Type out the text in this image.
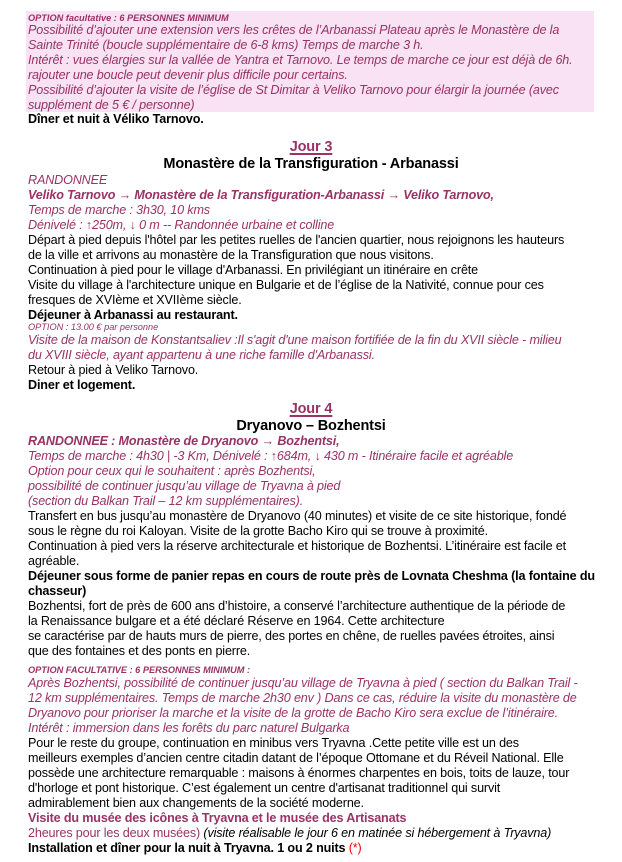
OPTION facultative : 6 PERSONNES MINIMUM
Possibilité d’ajouter une extension vers les crêtes de l’Arbanassi Plateau après le Monastère de la
Sainte Trinité (boucle supplémentaire de 6-8 kms) Temps de marche 3 h.
Intérêt : vues élargies sur la vallée de Yantra et Tarnovo. Le temps de marche ce jour est déjà de 6h.
rajouter une boucle peut devenir plus difficile pour certains.
Possibilité d’ajouter la visite de l’église de St Dimitar à Veliko Tarnovo pour élargir la journée (avec
supplément de 5 € / personne)
Dîner et nuit à Véliko Tarnovo.
Jour 3
Monastère de la Transfiguration - Arbanassi
RANDONNEE
Veliko Tarnovo → Monastère de la Transfiguration-Arbanassi → Veliko Tarnovo,
Temps de marche : 3h30, 10 kms
Dénivelé : ↑250m, ↓ 0 m -- Randonnée urbaine et colline
Départ à pied depuis l'hôtel par les petites ruelles de l'ancien quartier, nous rejoignons les hauteurs
de la ville et arrivons au monastère de la Transfiguration que nous visitons.
Continuation à pied pour le village d'Arbanassi. En privilégiant un itinéraire en crête
Visite du village à l'architecture unique en Bulgarie et de l’église de la Nativité, connue pour ces
fresques de XVIème et XVIIème siècle.
Déjeuner à Arbanassi au restaurant.
OPTION : 13.00 € par personne
Visite de la maison de Konstantsaliev :Il s'agit d'une maison fortifiée de la fin du XVII siècle - milieu
du XVIII siècle, ayant appartenu à une riche famille d'Arbanassi.
Retour à pied à Veliko Tarnovo.
Diner et logement.
Jour 4
Dryanovo – Bozhentsi
RANDONNEE : Monastère de Dryanovo → Bozhentsi,
Temps de marche : 4h30 | -3 Km, Dénivelé : ↑684m, ↓ 430 m - Itinéraire facile et agréable
Option pour ceux qui le souhaitent : après Bozhentsi,
possibilité de continuer jusqu’au village de Tryavna à pied
(section du Balkan Trail – 12 km supplémentaires).
Transfert en bus jusqu’au monastère de Dryanovo (40 minutes) et visite de ce site historique, fondé
sous le règne du roi Kaloyan. Visite de la grotte Bacho Kiro qui se trouve à proximité.
Continuation à pied vers la réserve architecturale et historique de Bozhentsi. L’itinéraire est facile et
agréable.
Déjeuner sous forme de panier repas en cours de route près de Lovnata Cheshma (la fontaine du
chasseur)
Bozhentsi, fort de près de 600 ans d’histoire, a conservé l’architecture authentique de la période de
la Renaissance bulgare et a été déclaré Réserve en 1964. Cette architecture
se caractérise par de hauts murs de pierre, des portes en chêne, de ruelles pavées étroites, ainsi
que des fontaines et des ponts en pierre.
OPTION FACULTATIVE : 6 PERSONNES MINIMUM :
Après Bozhentsi, possibilité de continuer jusqu’au village de Tryavna à pied ( section du Balkan Trail -
12 km supplémentaires. Temps de marche 2h30 env ) Dans ce cas, réduire la visite du monastère de
Dryanovo pour prioriser la marche et la visite de la grotte de Bacho Kiro sera exclue de l’itinéraire.
Intérêt : immersion dans les forêts du parc naturel Bulgarka
Pour le reste du groupe, continuation en minibus vers Tryavna .Cette petite ville est un des
meilleurs exemples d’ancien centre citadin datant de l’époque Ottomane et du Réveil National. Elle
possède une architecture remarquable : maisons à énormes charpentes en bois, toits de lauze, tour
d'horloge et pont historique. C’est également un centre d'artisanat traditionnel qui survit
admirablement bien aux changements de la société moderne.
Visite du musée des icônes à Tryavna et le musée des Artisanats
2heures pour les deux musées) (visite réalisable le jour 6 en matinée si hébergement à Tryavna)
Installation et dîner pour la nuit à Tryavna. 1 ou 2 nuits (*)
